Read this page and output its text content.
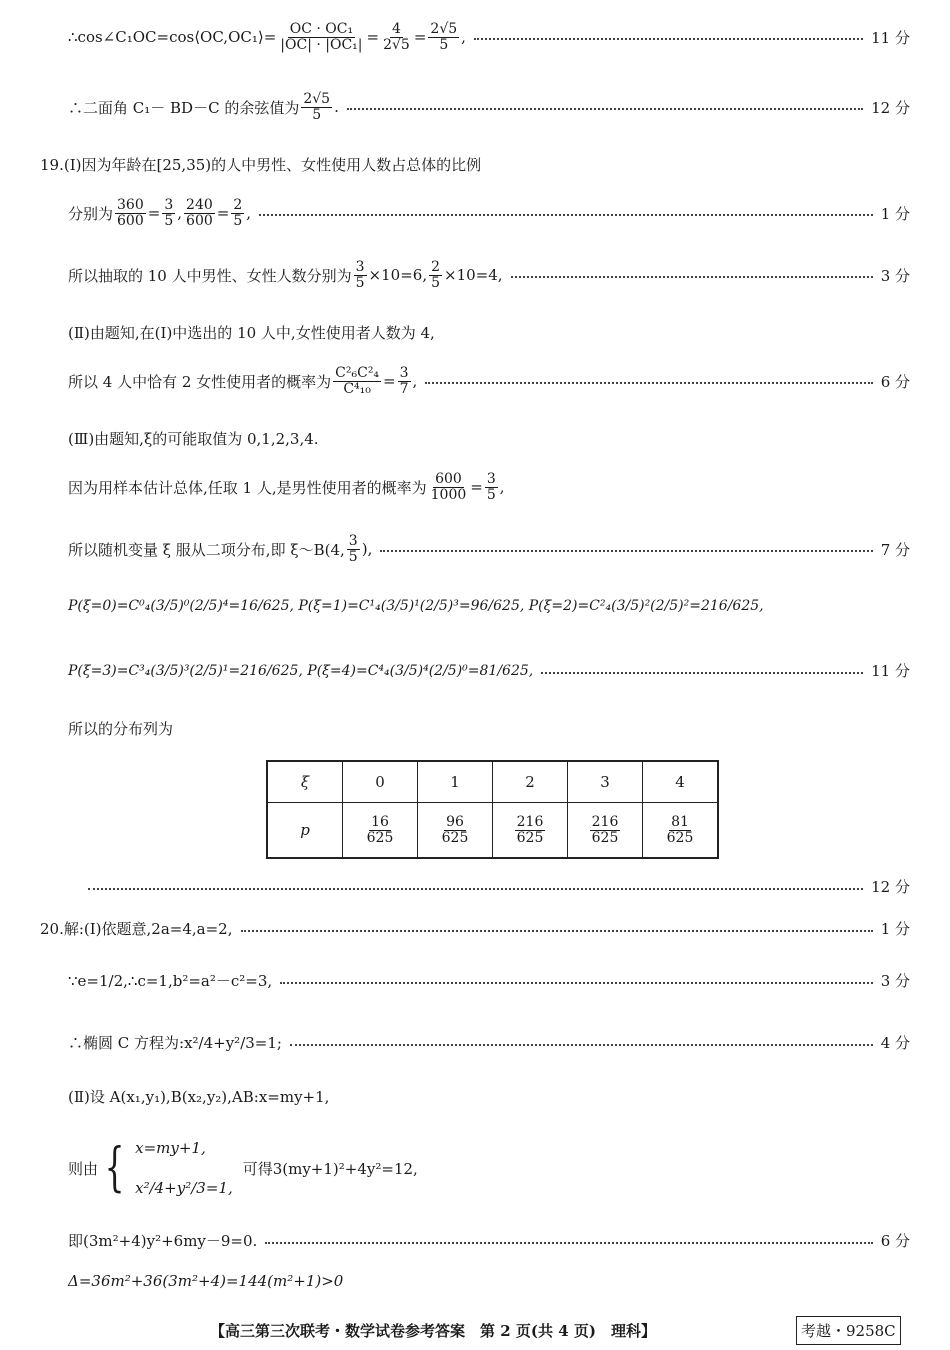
∴cos∠C₁OC=cos⟨OC,OC₁⟩= $\frac{\text{OC · OC₁}}{\text{|OC| · |OC₁|}} = \frac{4}{2√5} = \frac{2√5}{5}$ ,	11 分
∴二面角 C₁－ BD－C 的余弦值为 $\frac{2√5}{5}$ .	12 分
19.(Ⅰ)因为年龄在[25,35)的人中男性、女性使用人数占总体的比例
分别为 $\frac{360}{600} = \frac{3}{5}$ , $\frac{240}{600} = \frac{2}{5}$ ,	1 分
所以抽取的 10 人中男性、女性人数分别为 $\frac{3}{5} \times 10=6$, $\frac{2}{5} \times 10=4$,	3 分
(Ⅱ)由题知,在(Ⅰ)中选出的 10 人中,女性使用者人数为 4,
所以 4 人中恰有 2 女性使用者的概率为 $\frac{\text{C²₆C²₄}}{\text{C⁴₁₀}} = \frac{3}{7}$ ,	6 分
(Ⅲ)由题知,ξ的可能取值为 0,1,2,3,4.
因为用样本估计总体,任取 1 人,是男性使用者的概率为 $\frac{600}{1000} = \frac{3}{5}$ ,
所以随机变量 ξ 服从二项分布,即 ξ～B(4, $\frac{3}{5}$ ),	7 分
P(ξ=0)=C⁰₄(3/5)⁰(2/5)⁴=16/625, P(ξ=1)=C¹₄(3/5)¹(2/5)³=96/625, P(ξ=2)=C²₄(3/5)²(2/5)²=216/625,
P(ξ=3)=C³₄(3/5)³(2/5)¹=216/625, P(ξ=4)=C⁴₄(3/5)⁴(2/5)⁰=81/625,	11 分
所以的分布列为
ξ	0	1	2	3	4
p	$\frac{16}{625}$	$\frac{96}{625}$	$\frac{216}{625}$	$\frac{216}{625}$	$\frac{81}{625}$
12 分
20.解:(Ⅰ)依题意,2a=4,a=2,	1 分
∵e=1/2,∴c=1,b²=a²－c²=3,	3 分
∴椭圆 C 方程为:x²/4+y²/3=1;	4 分
(Ⅱ)设 A(x₁,y₁),B(x₂,y₂),AB:x=my+1,
则由 { x=my+1,
x²/4+y²/3=1,
可得3(my+1)²+4y²=12,
即(3m²+4)y²+6my－9=0.	6 分
Δ=36m²+36(3m²+4)=144(m²+1)>0
【高三第三次联考・数学试卷参考答案　第 2 页(共 4 页)　理科】	考越・9258C
